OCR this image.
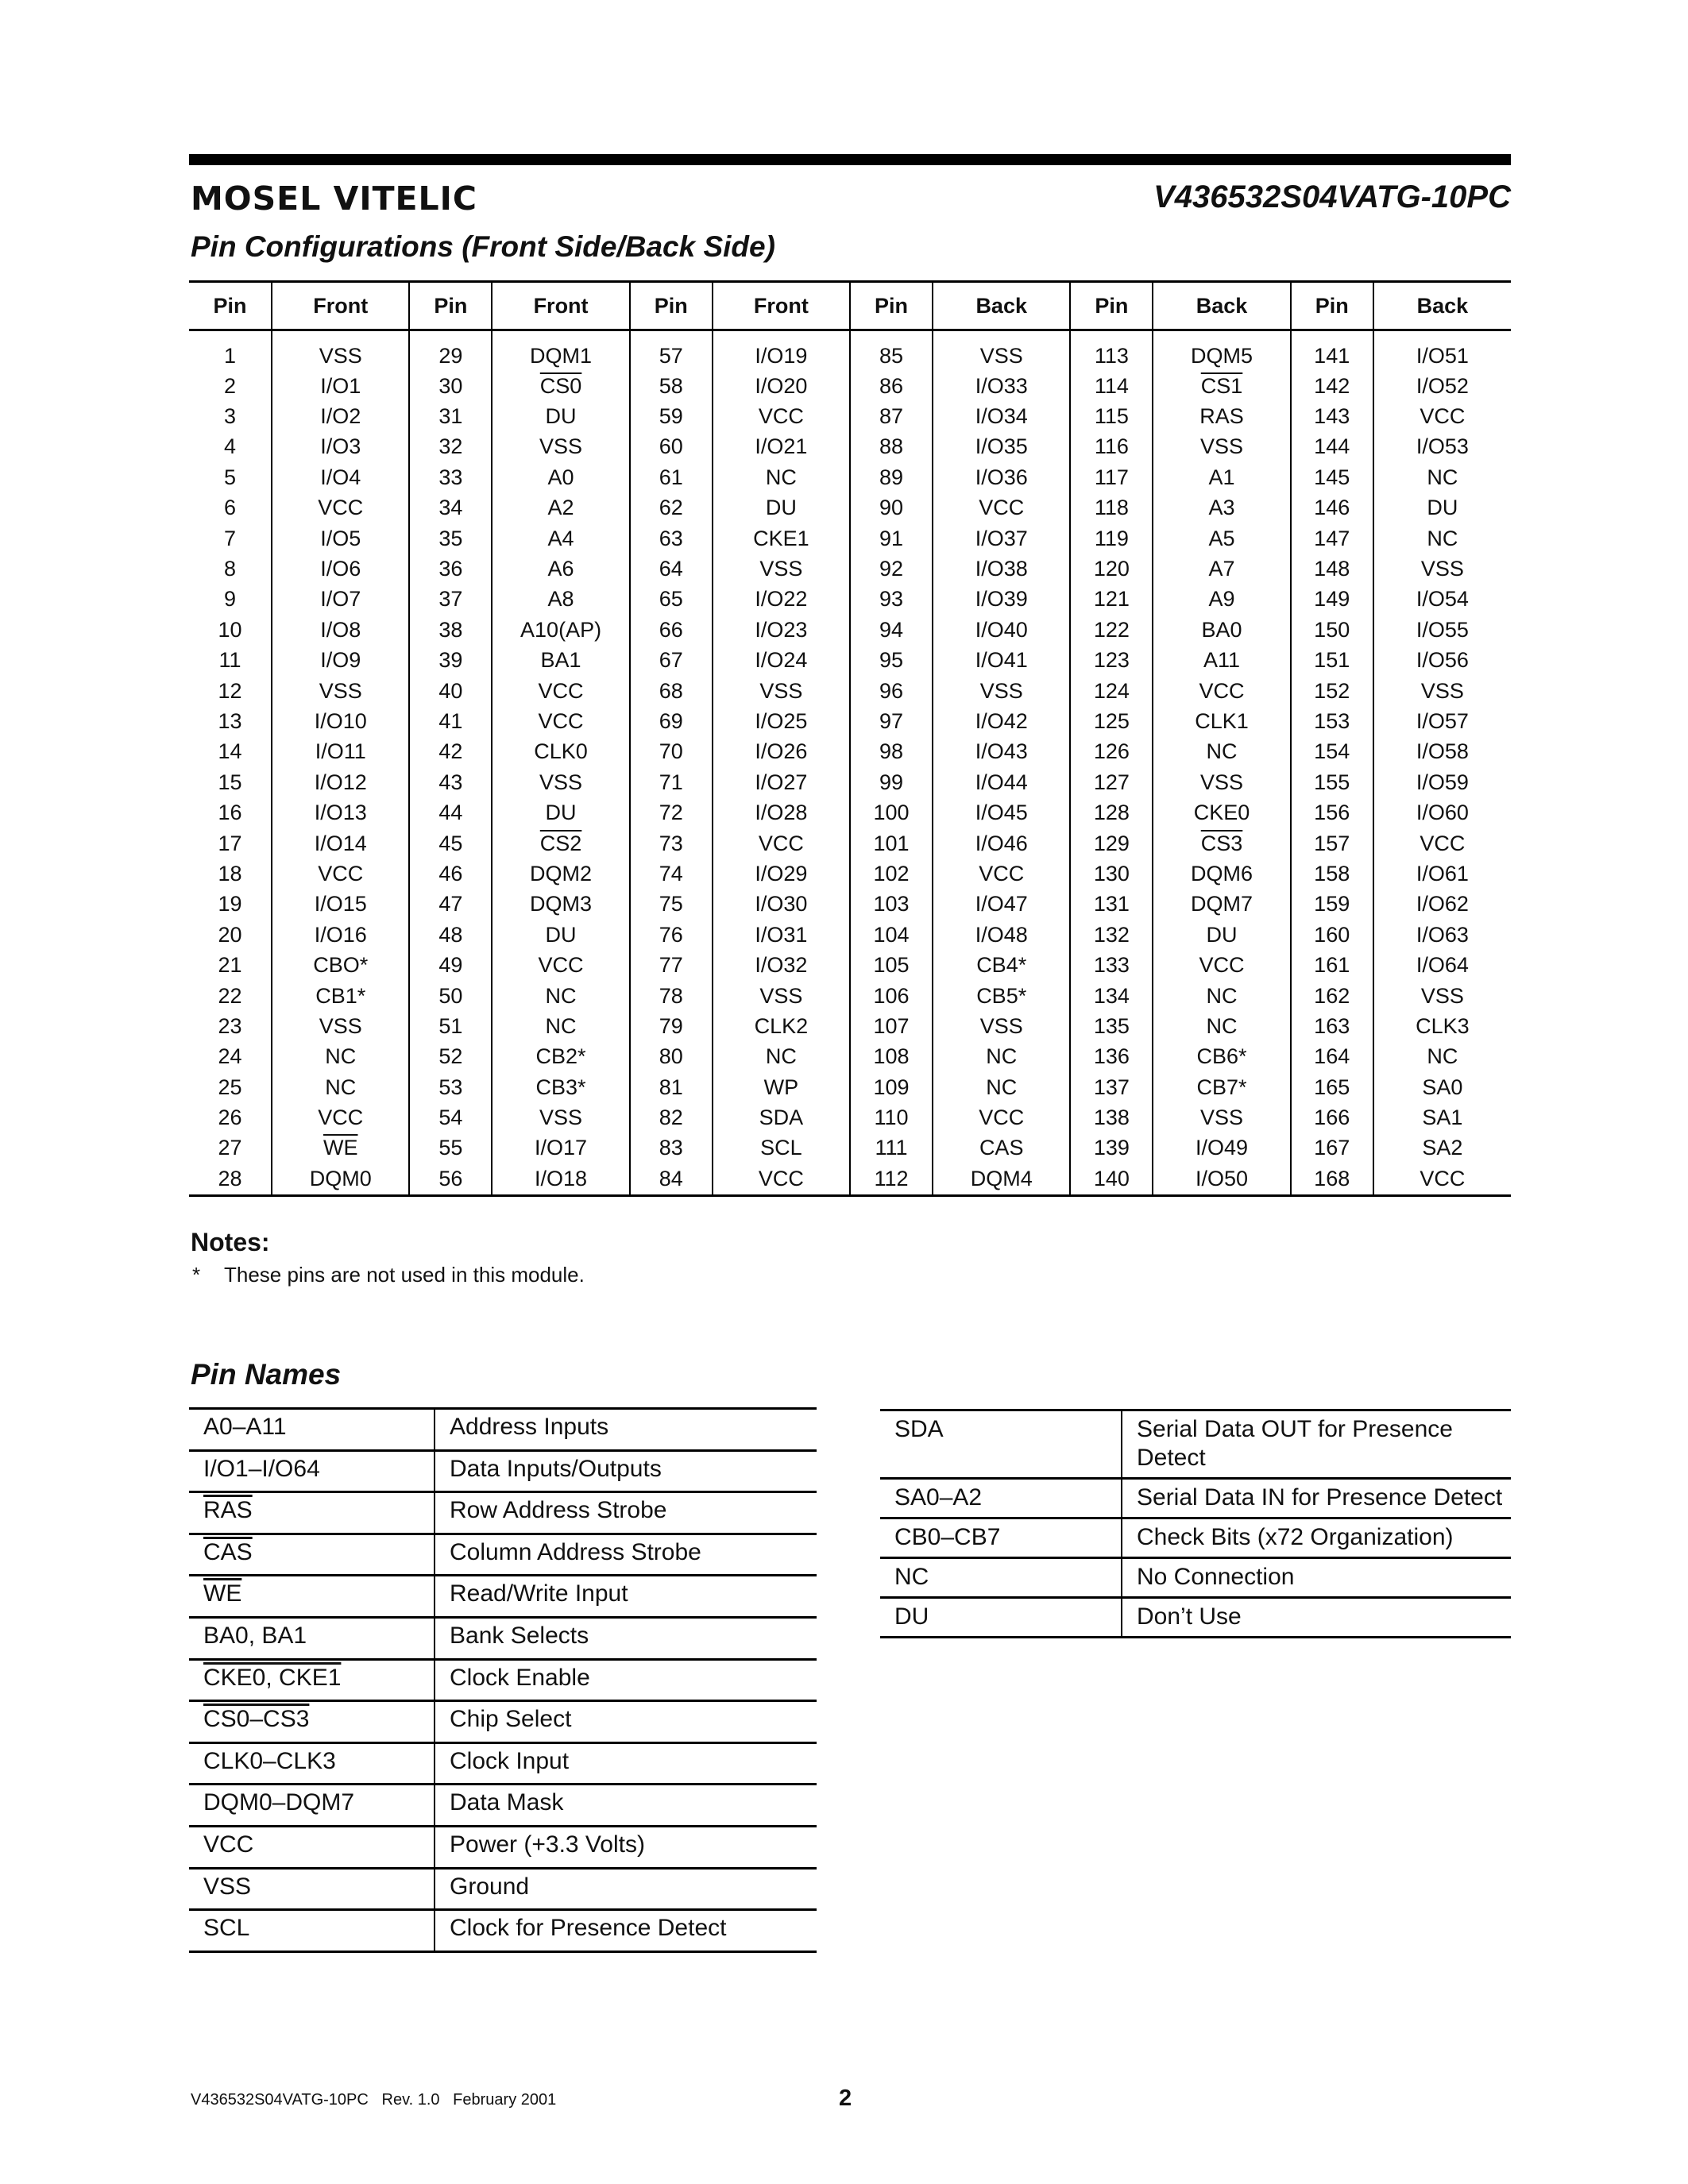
MOSEL VITELIC	V436532S04VATG-10PC
Pin Configurations (Front Side/Back Side)
Pin	Front	Pin	Front	Pin	Front	Pin	Back	Pin	Back	Pin	Back
1	VSS	29	DQM1	57	I/O19	85	VSS	113	DQM5	141	I/O51
2	I/O1	30	CS0	58	I/O20	86	I/O33	114	CS1	142	I/O52
3	I/O2	31	DU	59	VCC	87	I/O34	115	RAS	143	VCC
4	I/O3	32	VSS	60	I/O21	88	I/O35	116	VSS	144	I/O53
5	I/O4	33	A0	61	NC	89	I/O36	117	A1	145	NC
6	VCC	34	A2	62	DU	90	VCC	118	A3	146	DU
7	I/O5	35	A4	63	CKE1	91	I/O37	119	A5	147	NC
8	I/O6	36	A6	64	VSS	92	I/O38	120	A7	148	VSS
9	I/O7	37	A8	65	I/O22	93	I/O39	121	A9	149	I/O54
10	I/O8	38	A10(AP)	66	I/O23	94	I/O40	122	BA0	150	I/O55
11	I/O9	39	BA1	67	I/O24	95	I/O41	123	A11	151	I/O56
12	VSS	40	VCC	68	VSS	96	VSS	124	VCC	152	VSS
13	I/O10	41	VCC	69	I/O25	97	I/O42	125	CLK1	153	I/O57
14	I/O11	42	CLK0	70	I/O26	98	I/O43	126	NC	154	I/O58
15	I/O12	43	VSS	71	I/O27	99	I/O44	127	VSS	155	I/O59
16	I/O13	44	DU	72	I/O28	100	I/O45	128	CKE0	156	I/O60
17	I/O14	45	CS2	73	VCC	101	I/O46	129	CS3	157	VCC
18	VCC	46	DQM2	74	I/O29	102	VCC	130	DQM6	158	I/O61
19	I/O15	47	DQM3	75	I/O30	103	I/O47	131	DQM7	159	I/O62
20	I/O16	48	DU	76	I/O31	104	I/O48	132	DU	160	I/O63
21	CBO*	49	VCC	77	I/O32	105	CB4*	133	VCC	161	I/O64
22	CB1*	50	NC	78	VSS	106	CB5*	134	NC	162	VSS
23	VSS	51	NC	79	CLK2	107	VSS	135	NC	163	CLK3
24	NC	52	CB2*	80	NC	108	NC	136	CB6*	164	NC
25	NC	53	CB3*	81	WP	109	NC	137	CB7*	165	SA0
26	VCC	54	VSS	82	SDA	110	VCC	138	VSS	166	SA1
27	$\overline{WE}$	55	I/O17	83	SCL	111	CAS	139	I/O49	167	SA2
28	DQM0	56	I/O18	84	VCC	112	DQM4	140	I/O50	168	VCC
Notes:
* These pins are not used in this module.
Pin Names
A0–A11	Address Inputs
I/O1–I/O64	Data Inputs/Outputs
$\overline{RAS}$	Row Address Strobe
$\overline{CAS}$	Column Address Strobe
$\overline{WE}$	Read/Write Input
BA0, BA1	Bank Selects
CKE0, CKE1	Clock Enable
CS0–CS3	Chip Select
CLK0–CLK3	Clock Input
DQM0–DQM7	Data Mask
VCC	Power (+3.3 Volts)
VSS	Ground
SCL	Clock for Presence Detect
SDA	Serial Data OUT for Presence Detect
SA0–A2	Serial Data IN for Presence Detect
CB0–CB7	Check Bits (x72 Organization)
NC	No Connection
DU	Don’t Use
V436532S04VATG-10PC   Rev. 1.0   February 2001	2
